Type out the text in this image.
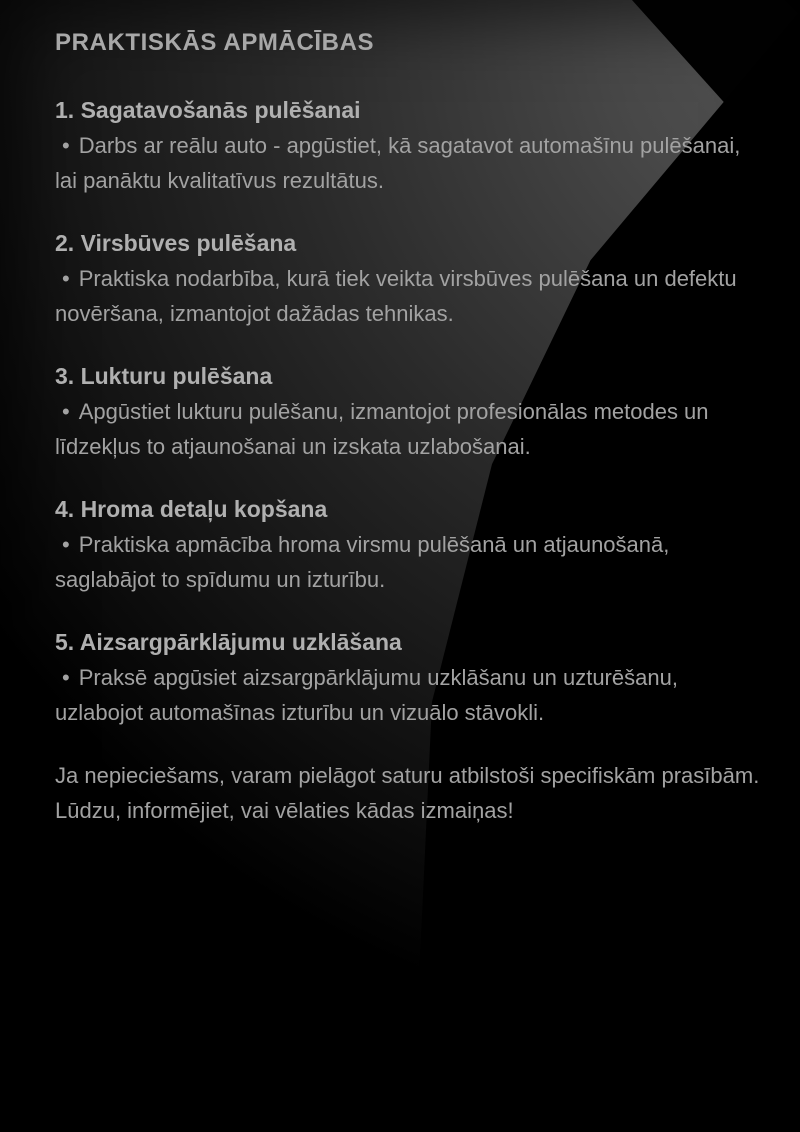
PRAKTISKĀS APMĀCĪBAS
1. Sagatavošanās pulēšanai

• Darbs ar reālu auto - apgūstiet, kā sagatavot automašīnu pulēšanai, lai panāktu kvalitatīvus rezultātus.

2. Virsbūves pulēšana

• Praktiska nodarbība, kurā tiek veikta virsbūves pulēšana un defektu novēršana, izmantojot dažādas tehnikas.

3. Lukturu pulēšana

• Apgūstiet lukturu pulēšanu, izmantojot profesionālas metodes un līdzekļus to atjaunošanai un izskata uzlabošanai.

4. Hroma detaļu kopšana

• Praktiska apmācība hroma virsmu pulēšanā un atjaunošanā, saglabājot to spīdumu un izturību.

5. Aizsargpārklājumu uzklāšana

• Praksē apgūsiet aizsargpārklājumu uzklāšanu un uzturēšanu, uzlabojot automašīnas izturību un vizuālo stāvokli.

Ja nepieciešams, varam pielāgot saturu atbilstoši specifiskām prasībām. Lūdzu, informējiet, vai vēlaties kādas izmaiņas!
